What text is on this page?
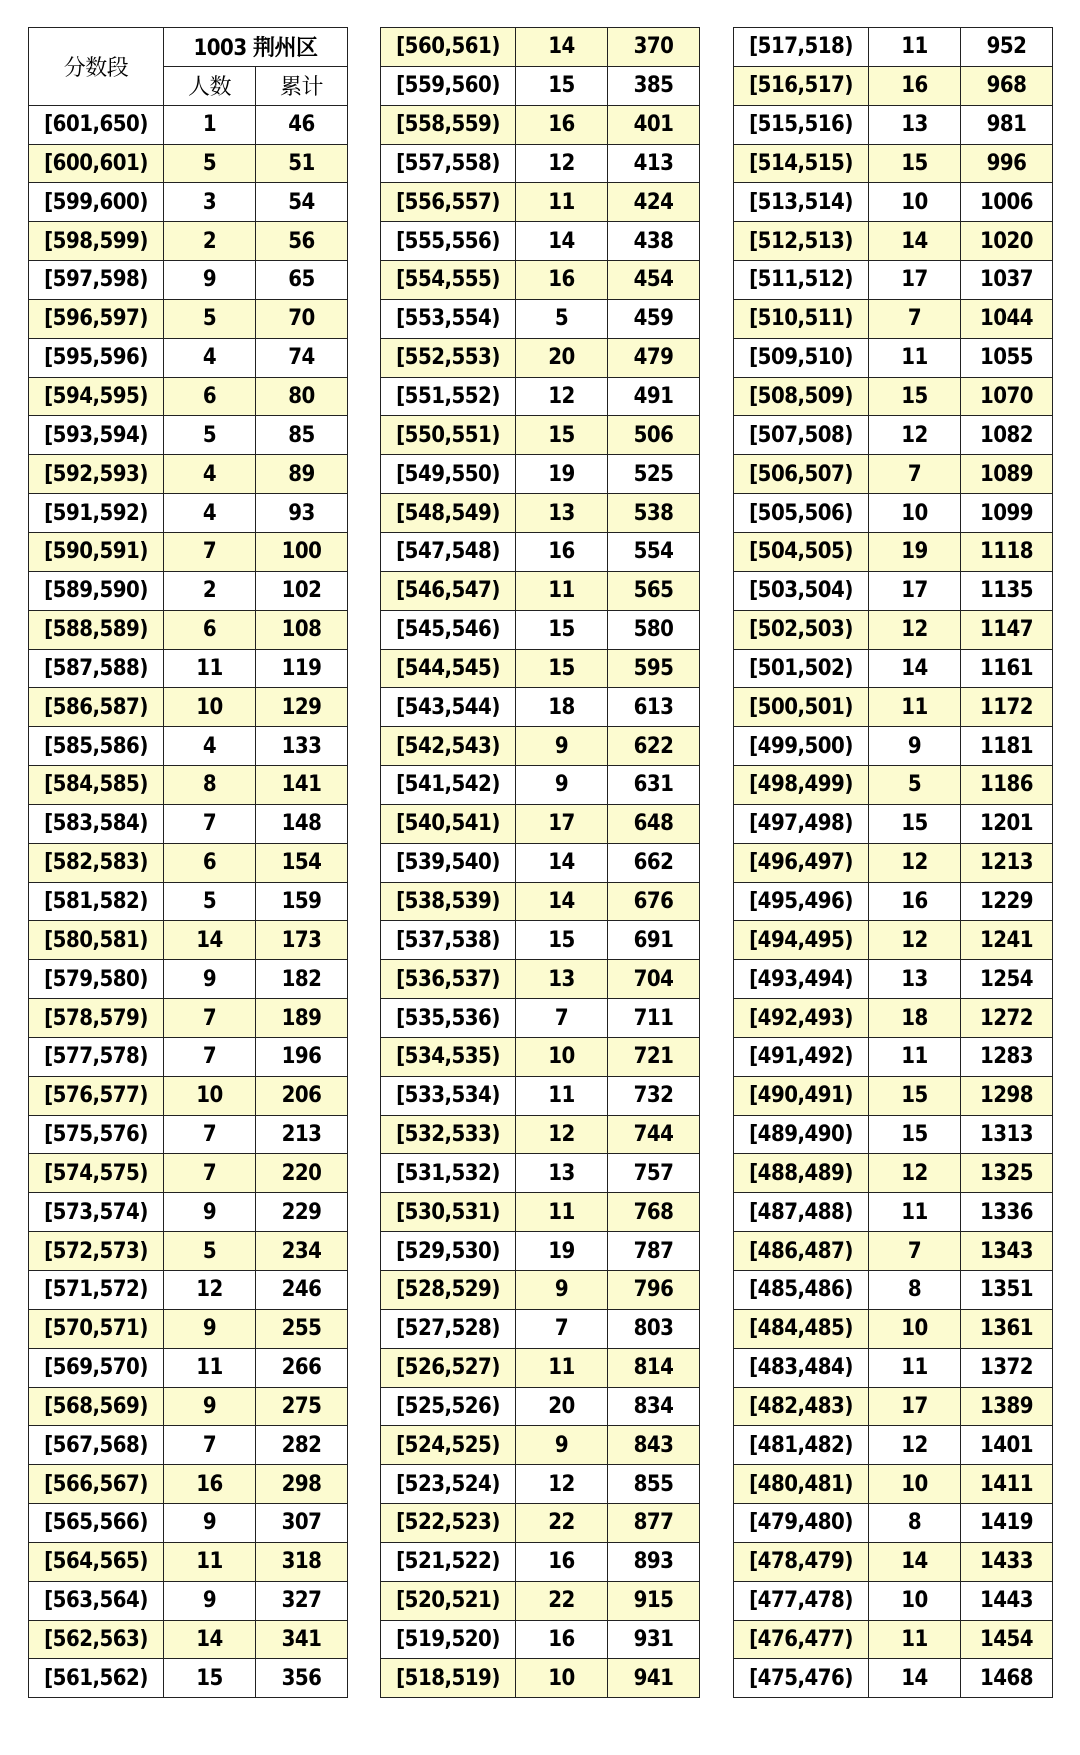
分数段	1003 荆州区	
	人数	累计
[601,650)	1	46
[600,601)	5	51
[599,600)	3	54
[598,599)	2	56
[597,598)	9	65
[596,597)	5	70
[595,596)	4	74
[594,595)	6	80
[593,594)	5	85
[592,593)	4	89
[591,592)	4	93
[590,591)	7	100
[589,590)	2	102
[588,589)	6	108
[587,588)	11	119
[586,587)	10	129
[585,586)	4	133
[584,585)	8	141
[583,584)	7	148
[582,583)	6	154
[581,582)	5	159
[580,581)	14	173
[579,580)	9	182
[578,579)	7	189
[577,578)	7	196
[576,577)	10	206
[575,576)	7	213
[574,575)	7	220
[573,574)	9	229
[572,573)	5	234
[571,572)	12	246
[570,571)	9	255
[569,570)	11	266
[568,569)	9	275
[567,568)	7	282
[566,567)	16	298
[565,566)	9	307
[564,565)	11	318
[563,564)	9	327
[562,563)	14	341
[561,562)	15	356
[560,561)	14	370
[559,560)	15	385
[558,559)	16	401
[557,558)	12	413
[556,557)	11	424
[555,556)	14	438
[554,555)	16	454
[553,554)	5	459
[552,553)	20	479
[551,552)	12	491
[550,551)	15	506
[549,550)	19	525
[548,549)	13	538
[547,548)	16	554
[546,547)	11	565
[545,546)	15	580
[544,545)	15	595
[543,544)	18	613
[542,543)	9	622
[541,542)	9	631
[540,541)	17	648
[539,540)	14	662
[538,539)	14	676
[537,538)	15	691
[536,537)	13	704
[535,536)	7	711
[534,535)	10	721
[533,534)	11	732
[532,533)	12	744
[531,532)	13	757
[530,531)	11	768
[529,530)	19	787
[528,529)	9	796
[527,528)	7	803
[526,527)	11	814
[525,526)	20	834
[524,525)	9	843
[523,524)	12	855
[522,523)	22	877
[521,522)	16	893
[520,521)	22	915
[519,520)	16	931
[518,519)	10	941
[517,518)	11	952
[516,517)	16	968
[515,516)	13	981
[514,515)	15	996
[513,514)	10	1006
[512,513)	14	1020
[511,512)	17	1037
[510,511)	7	1044
[509,510)	11	1055
[508,509)	15	1070
[507,508)	12	1082
[506,507)	7	1089
[505,506)	10	1099
[504,505)	19	1118
[503,504)	17	1135
[502,503)	12	1147
[501,502)	14	1161
[500,501)	11	1172
[499,500)	9	1181
[498,499)	5	1186
[497,498)	15	1201
[496,497)	12	1213
[495,496)	16	1229
[494,495)	12	1241
[493,494)	13	1254
[492,493)	18	1272
[491,492)	11	1283
[490,491)	15	1298
[489,490)	15	1313
[488,489)	12	1325
[487,488)	11	1336
[486,487)	7	1343
[485,486)	8	1351
[484,485)	10	1361
[483,484)	11	1372
[482,483)	17	1389
[481,482)	12	1401
[480,481)	10	1411
[479,480)	8	1419
[478,479)	14	1433
[477,478)	10	1443
[476,477)	11	1454
[475,476)	14	1468
